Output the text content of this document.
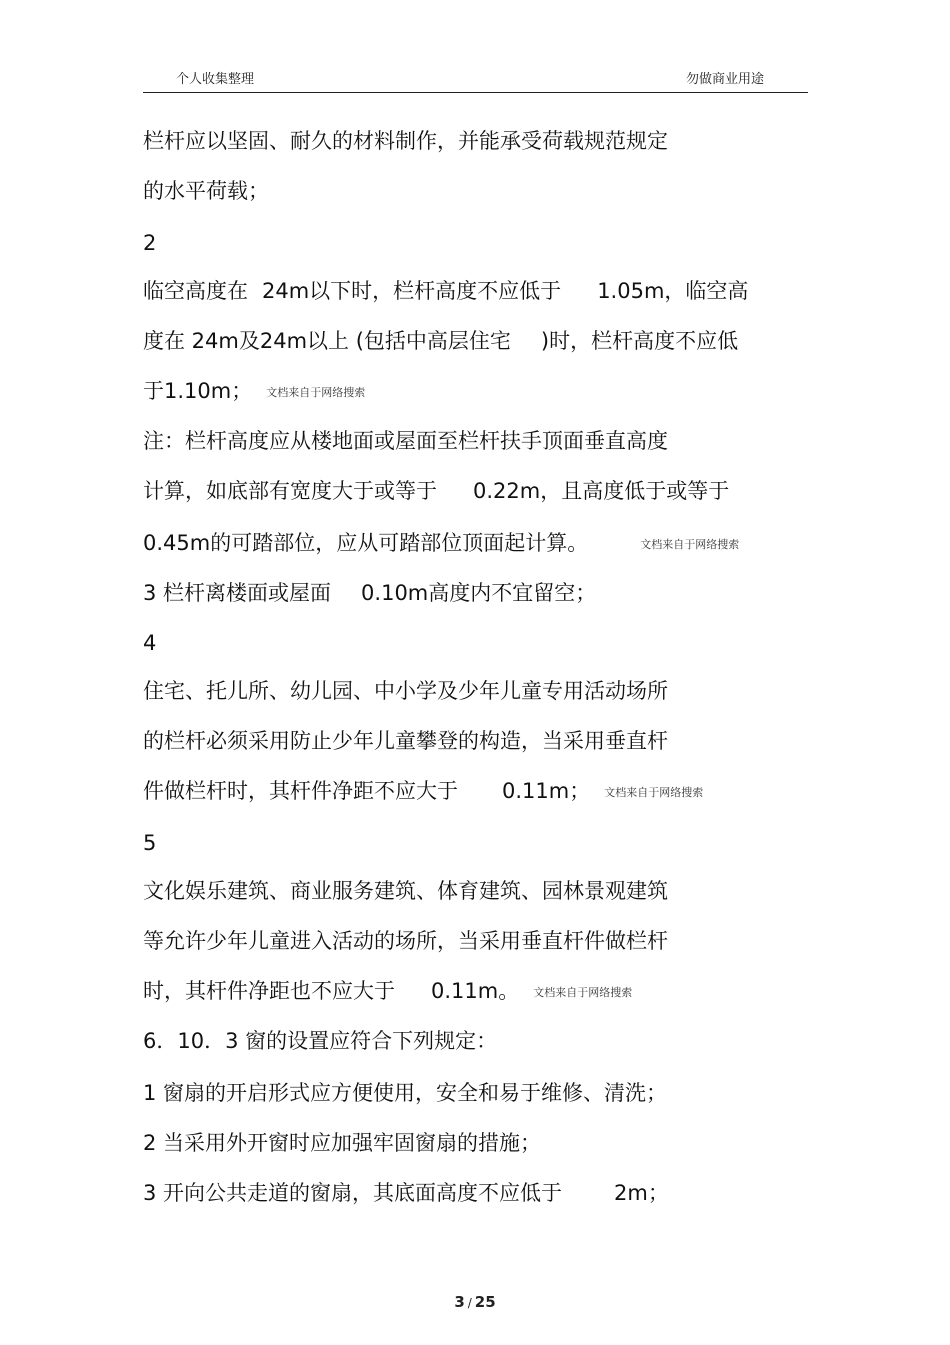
个人收集整理	勿做商业用途
栏杆应以坚固、耐久的材料制作，并能承受荷载规范规定
的水平荷载；
2
临空高度在 24m以下时，栏杆高度不应低于 1.05m，临空高
度在 24m及24m以上 (包括中高层住宅 )时，栏杆高度不应低
于1.10m； 文档来自于网络搜索
注：栏杆高度应从楼地面或屋面至栏杆扶手顶面垂直高度
计算，如底部有宽度大于或等于 0.22m，且高度低于或等于
0.45m的可踏部位，应从可踏部位顶面起计算。	文档来自于网络搜索
3 栏杆离楼面或屋面 0.10m高度内不宜留空；
4
住宅、托儿所、幼儿园、中小学及少年儿童专用活动场所
的栏杆必须采用防止少年儿童攀登的构造，当采用垂直杆
件做栏杆时，其杆件净距不应大于 0.11m； 文档来自于网络搜索
5
文化娱乐建筑、商业服务建筑、体育建筑、园林景观建筑
等允许少年儿童进入活动的场所，当采用垂直杆件做栏杆
时，其杆件净距也不应大于 0.11m。 文档来自于网络搜索
6．10．3 窗的设置应符合下列规定：
1 窗扇的开启形式应方便使用，安全和易于维修、清洗；
2 当采用外开窗时应加强牢固窗扇的措施；
3 开向公共走道的窗扇，其底面高度不应低于 2m；
3 / 25
